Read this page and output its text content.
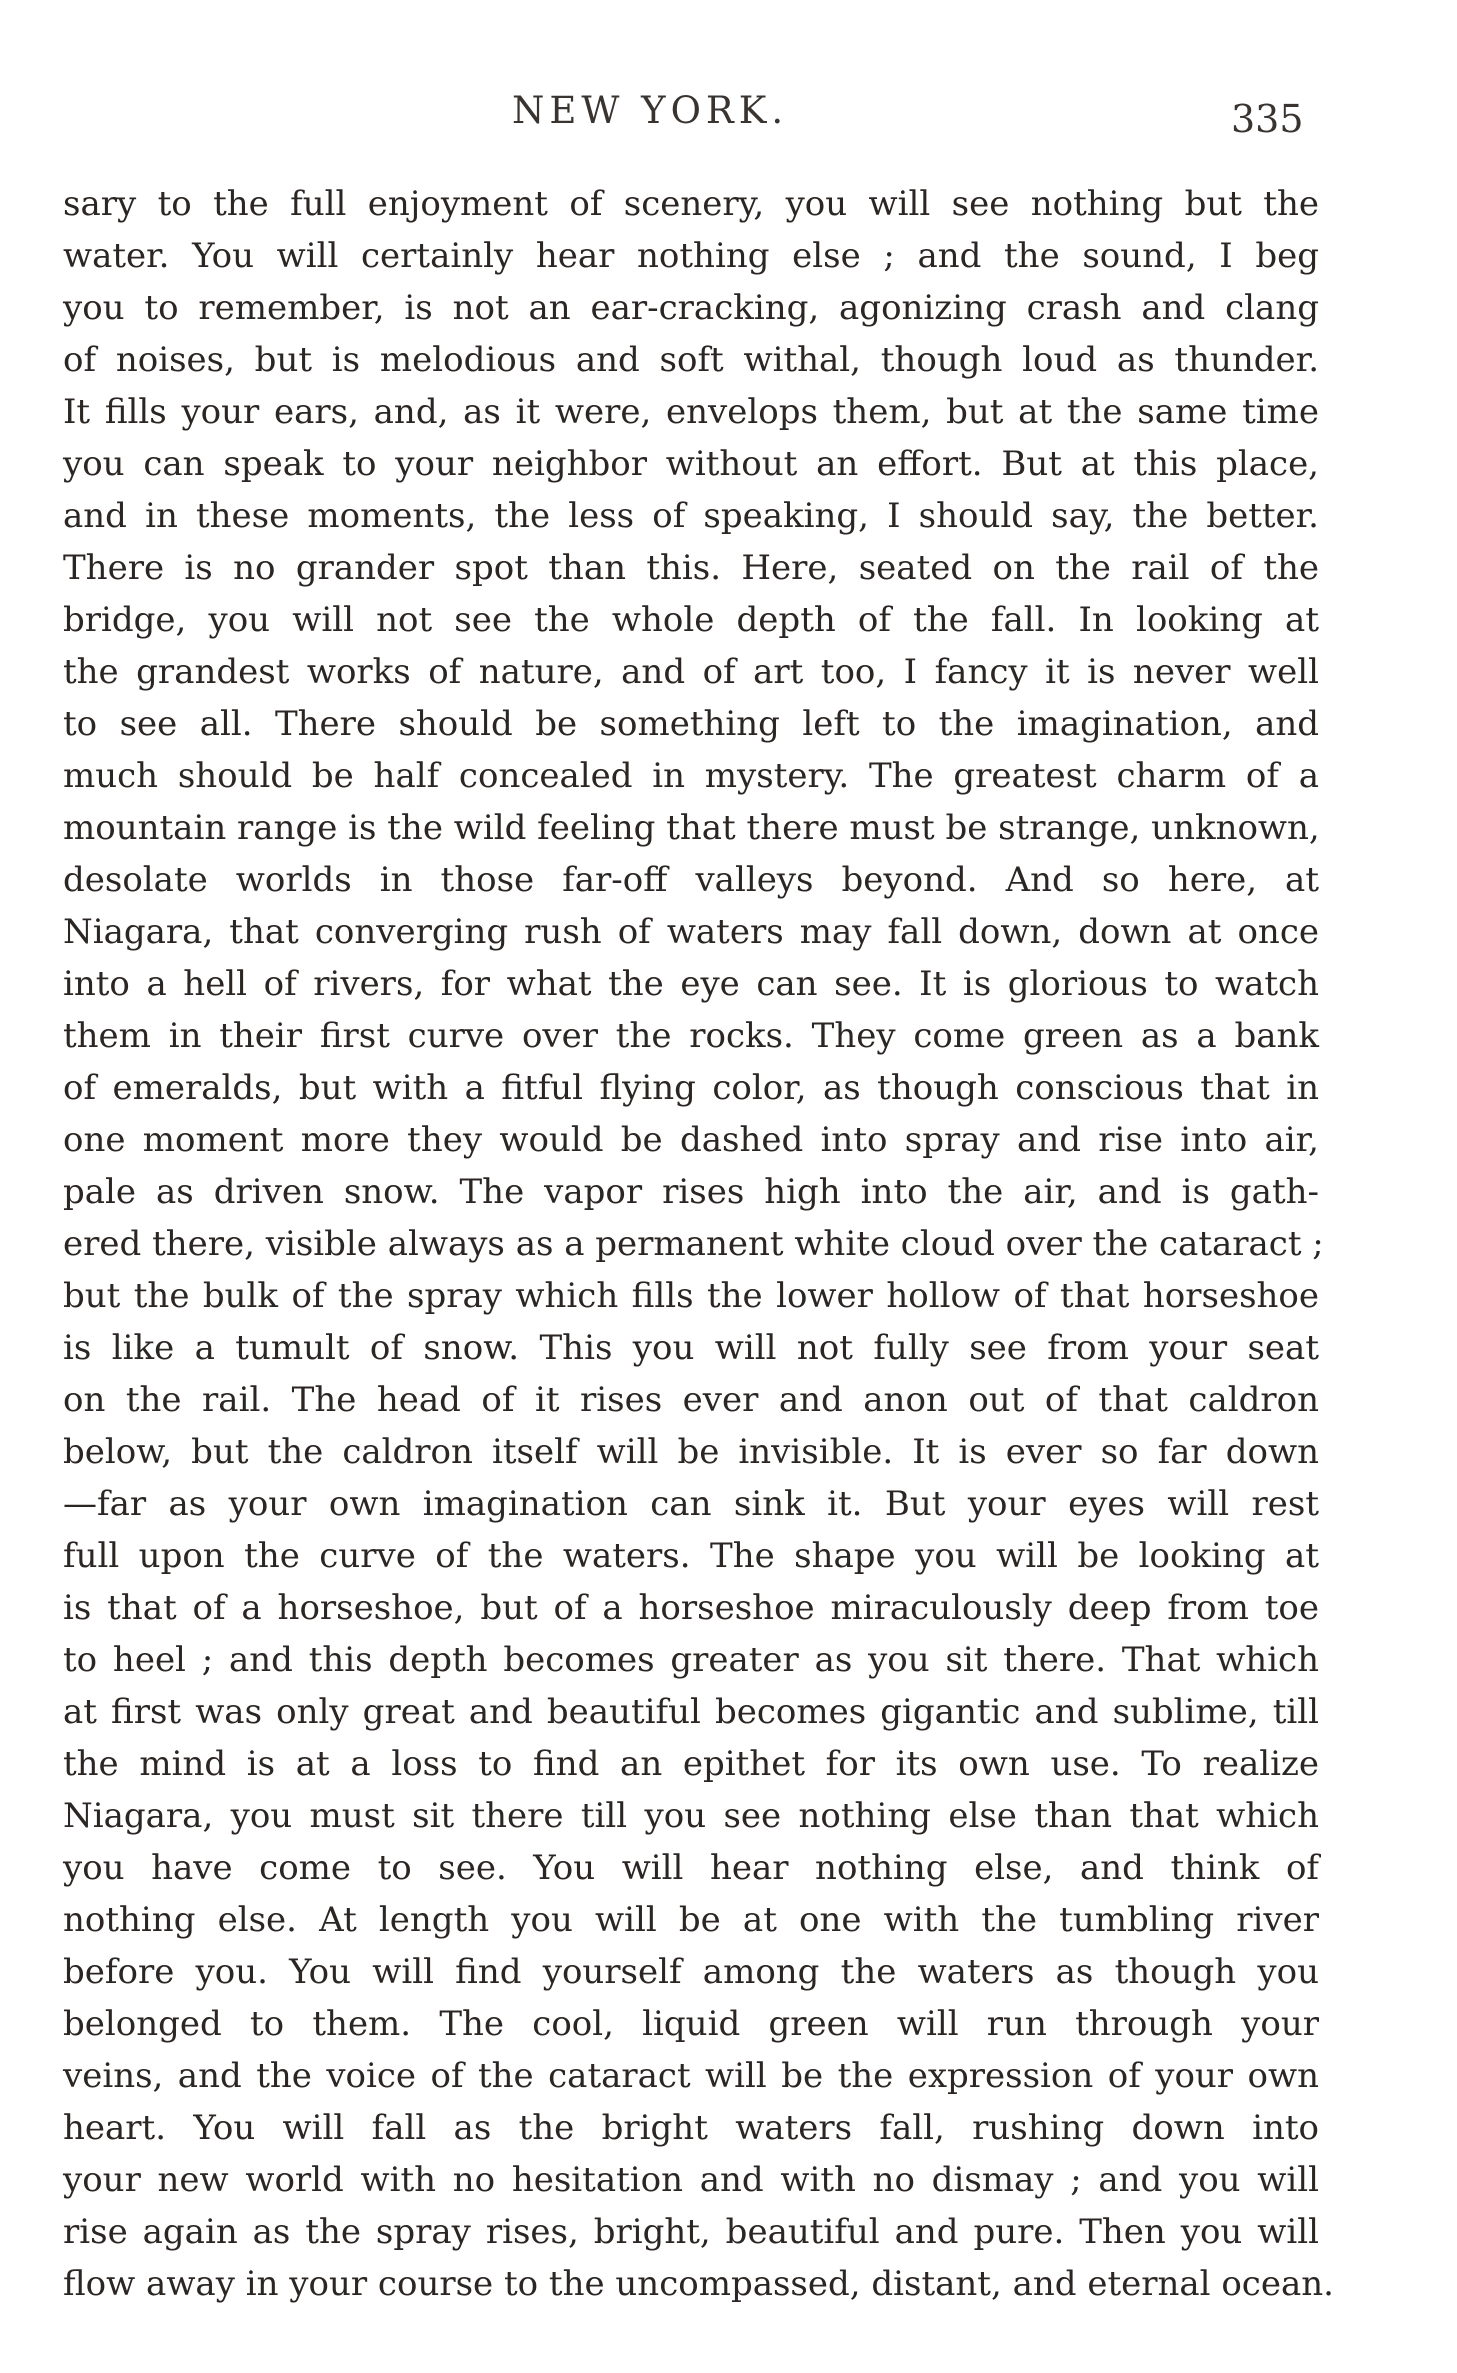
NEW YORK.	335
sary to the full enjoyment of scenery, you will see nothing but the
water. You will certainly hear nothing else ; and the sound, I beg
you to remember, is not an ear-cracking, agonizing crash and clang
of noises, but is melodious and soft withal, though loud as thunder.
It fills your ears, and, as it were, envelops them, but at the same time
you can speak to your neighbor without an effort. But at this place,
and in these moments, the less of speaking, I should say, the better.
There is no grander spot than this. Here, seated on the rail of the
bridge, you will not see the whole depth of the fall. In looking at
the grandest works of nature, and of art too, I fancy it is never well
to see all. There should be something left to the imagination, and
much should be half concealed in mystery. The greatest charm of a
mountain range is the wild feeling that there must be strange, unknown,
desolate worlds in those far-off valleys beyond. And so here, at
Niagara, that converging rush of waters may fall down, down at once
into a hell of rivers, for what the eye can see. It is glorious to watch
them in their first curve over the rocks. They come green as a bank
of emeralds, but with a fitful flying color, as though conscious that in
one moment more they would be dashed into spray and rise into air,
pale as driven snow. The vapor rises high into the air, and is gath-
ered there, visible always as a permanent white cloud over the cataract ;
but the bulk of the spray which fills the lower hollow of that horseshoe
is like a tumult of snow. This you will not fully see from your seat
on the rail. The head of it rises ever and anon out of that caldron
below, but the caldron itself will be invisible. It is ever so far down
—far as your own imagination can sink it. But your eyes will rest
full upon the curve of the waters. The shape you will be looking at
is that of a horseshoe, but of a horseshoe miraculously deep from toe
to heel ; and this depth becomes greater as you sit there. That which
at first was only great and beautiful becomes gigantic and sublime, till
the mind is at a loss to find an epithet for its own use. To realize
Niagara, you must sit there till you see nothing else than that which
you have come to see. You will hear nothing else, and think of
nothing else. At length you will be at one with the tumbling river
before you. You will find yourself among the waters as though you
belonged to them. The cool, liquid green will run through your
veins, and the voice of the cataract will be the expression of your own
heart. You will fall as the bright waters fall, rushing down into
your new world with no hesitation and with no dismay ; and you will
rise again as the spray rises, bright, beautiful and pure. Then you will
flow away in your course to the uncompassed, distant, and eternal ocean.
